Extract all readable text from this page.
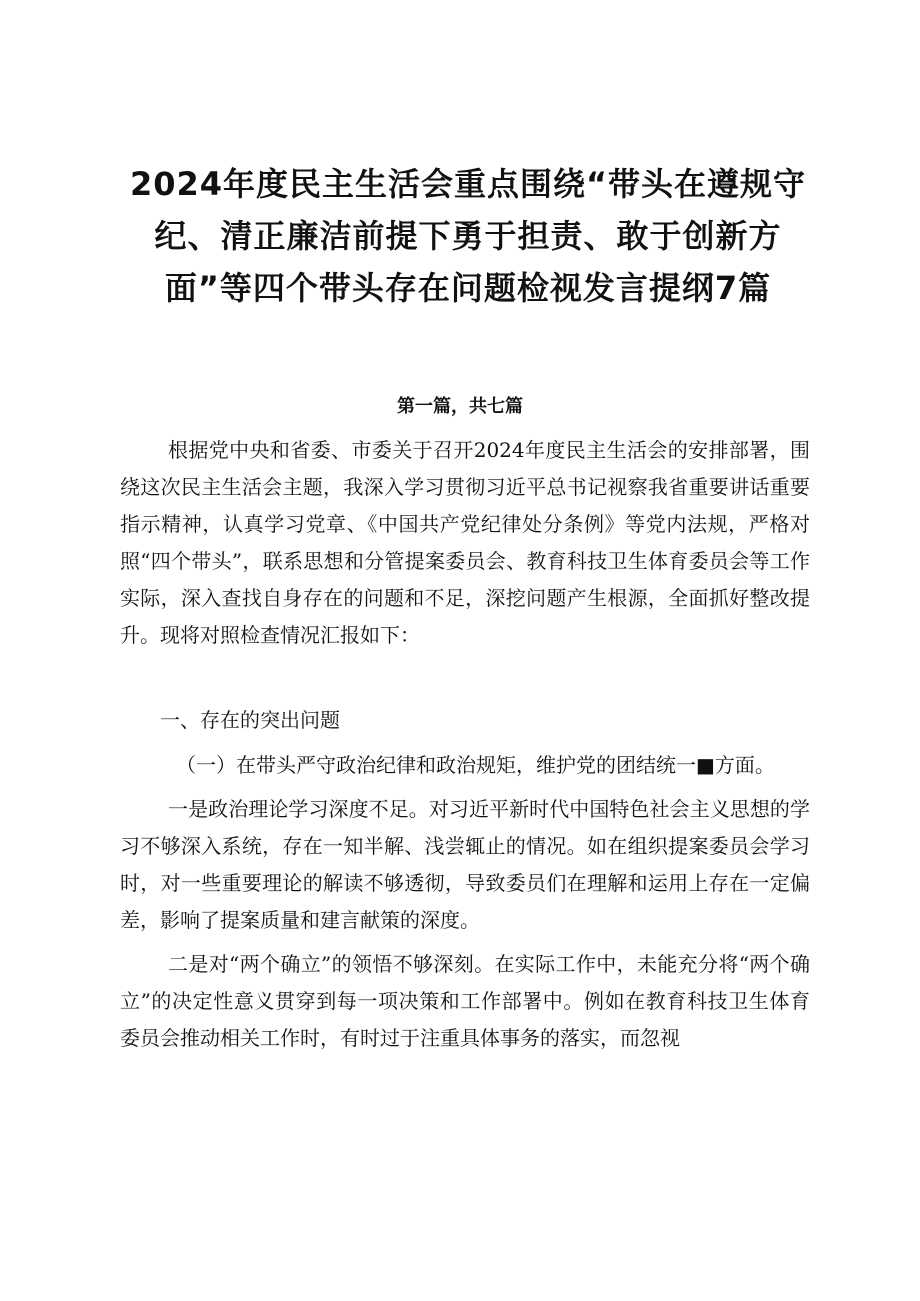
2024年度民主生活会重点围绕“带头在遵规守纪、清正廉洁前提下勇于担责、敢于创新方面”等四个带头存在问题检视发言提纲7篇
第一篇，共七篇

根据党中央和省委、市委关于召开2024年度民主生活会的安排部署，围绕这次民主生活会主题，我深入学习贯彻习近平总书记视察我省重要讲话重要指示精神，认真学习党章、《中国共产党纪律处分条例》等党内法规，严格对照“四个带头”，联系思想和分管提案委员会、教育科技卫生体育委员会等工作实际，深入查找自身存在的问题和不足，深挖问题产生根源，全面抓好整改提升。现将对照检查情况汇报如下：

一、存在的突出问题
（一）在带头严守政治纪律和政治规矩，维护党的团结统一■方面。

一是政治理论学习深度不足。对习近平新时代中国特色社会主义思想的学习不够深入系统，存在一知半解、浅尝辄止的情况。如在组织提案委员会学习时，对一些重要理论的解读不够透彻，导致委员们在理解和运用上存在一定偏差，影响了提案质量和建言献策的深度。

二是对“两个确立”的领悟不够深刻。在实际工作中，未能充分将“两个确立”的决定性意义贯穿到每一项决策和工作部署中。例如在教育科技卫生体育委员会推动相关工作时，有时过于注重具体事务的落实，而忽视
